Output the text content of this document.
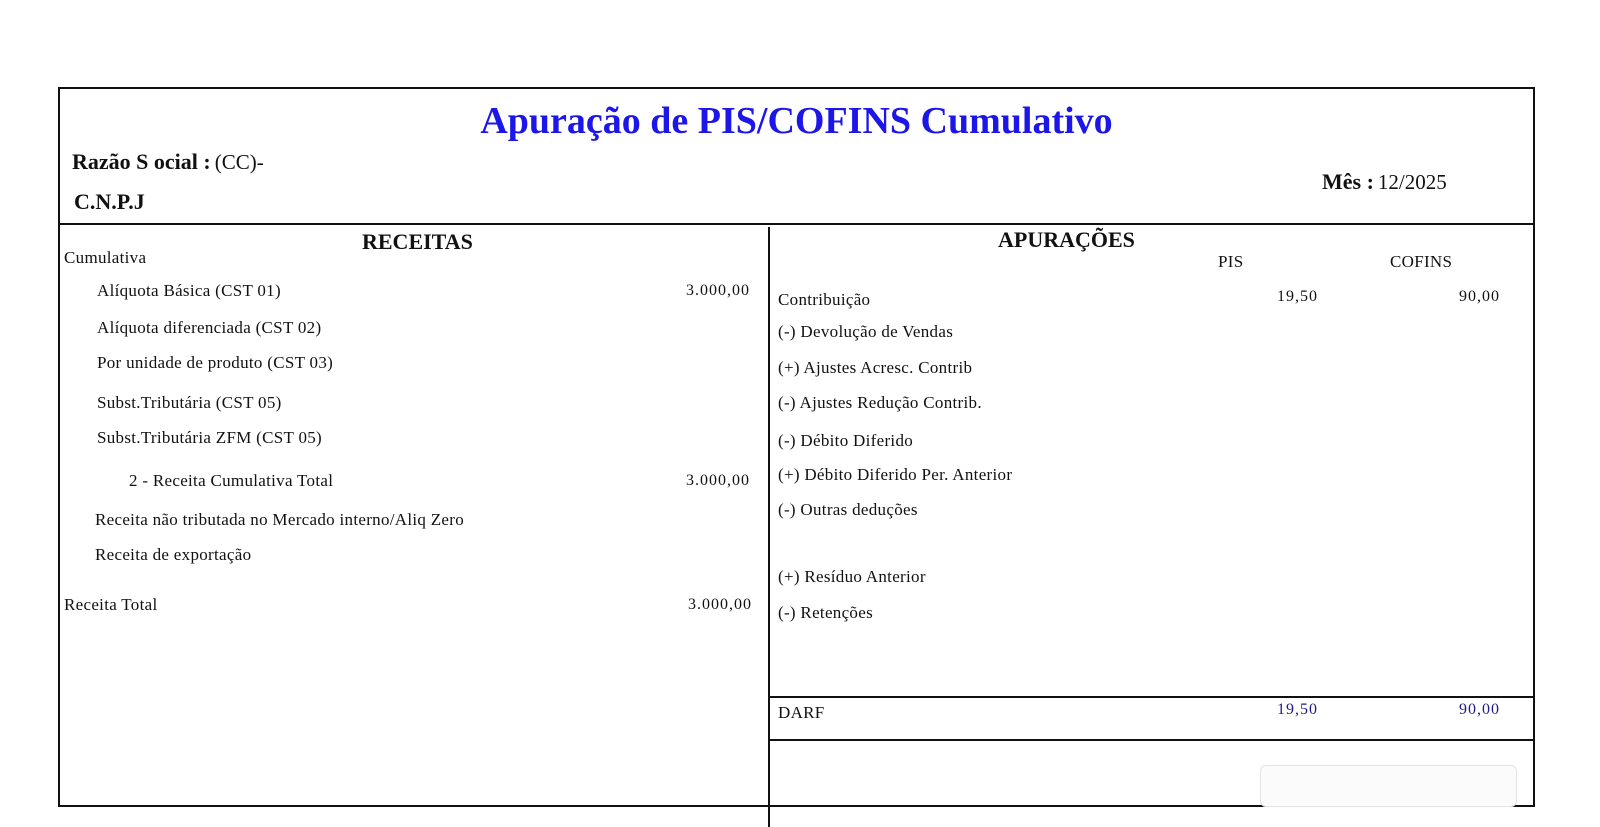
Apuração de PIS/COFINS Cumulativo
Razão S ocial : (CC)-
C.N.P.J
Mês : 12/2025
RECEITAS
Cumulativa
Alíquota Básica (CST 01)	3.000,00
Alíquota diferenciada (CST 02)
Por unidade de produto (CST 03)
Subst.Tributária (CST 05)
Subst.Tributária ZFM (CST 05)
2 - Receita Cumulativa Total	3.000,00
Receita não tributada no Mercado interno/Aliq Zero
Receita de exportação
Receita Total	3.000,00
APURAÇÕES
PIS	COFINS
Contribuição	19,50	90,00
(-) Devolução de Vendas
(+) Ajustes Acresc. Contrib
(-) Ajustes Redução Contrib.
(-) Débito Diferido
(+) Débito Diferido Per. Anterior
(-) Outras deduções
(+) Resíduo Anterior
(-) Retenções
DARF	19,50	90,00
